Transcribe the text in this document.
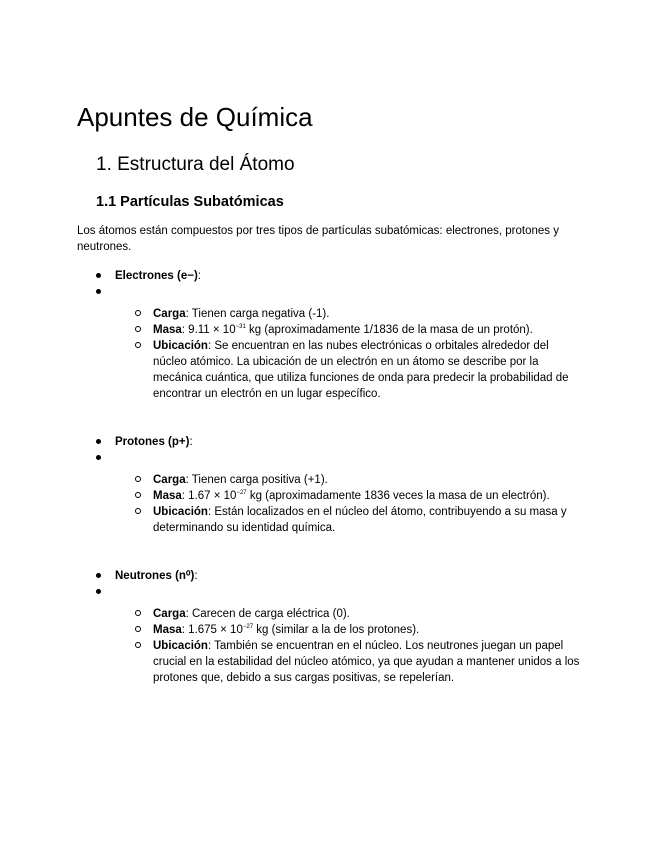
Apuntes de Química
1. Estructura del Átomo
1.1 Partículas Subatómicas

Los átomos están compuestos por tres tipos de partículas subatómicas: electrones, protones y neutrones.

Electrones (e−):
Carga: Tienen carga negativa (-1).
Masa: $9.11 \times 10^{-31}$ kg (aproximadamente 1/1836 de la masa de un protón).
Ubicación: Se encuentran en las nubes electrónicas o orbitales alrededor del núcleo atómico. La ubicación de un electrón en un átomo se describe por la mecánica cuántica, que utiliza funciones de onda para predecir la probabilidad de encontrar un electrón en un lugar específico.
Protones (p+):
Carga: Tienen carga positiva (+1).
Masa: $1.67 \times 10^{-27}$ kg (aproximadamente 1836 veces la masa de un electrón).
Ubicación: Están localizados en el núcleo del átomo, contribuyendo a su masa y determinando su identidad química.
Neutrones (n⁰):
Carga: Carecen de carga eléctrica (0).
Masa: $1.675 \times 10^{-27}$ kg (similar a la de los protones).
Ubicación: También se encuentran en el núcleo. Los neutrones juegan un papel crucial en la estabilidad del núcleo atómico, ya que ayudan a mantener unidos a los protones que, debido a sus cargas positivas, se repelerían.
